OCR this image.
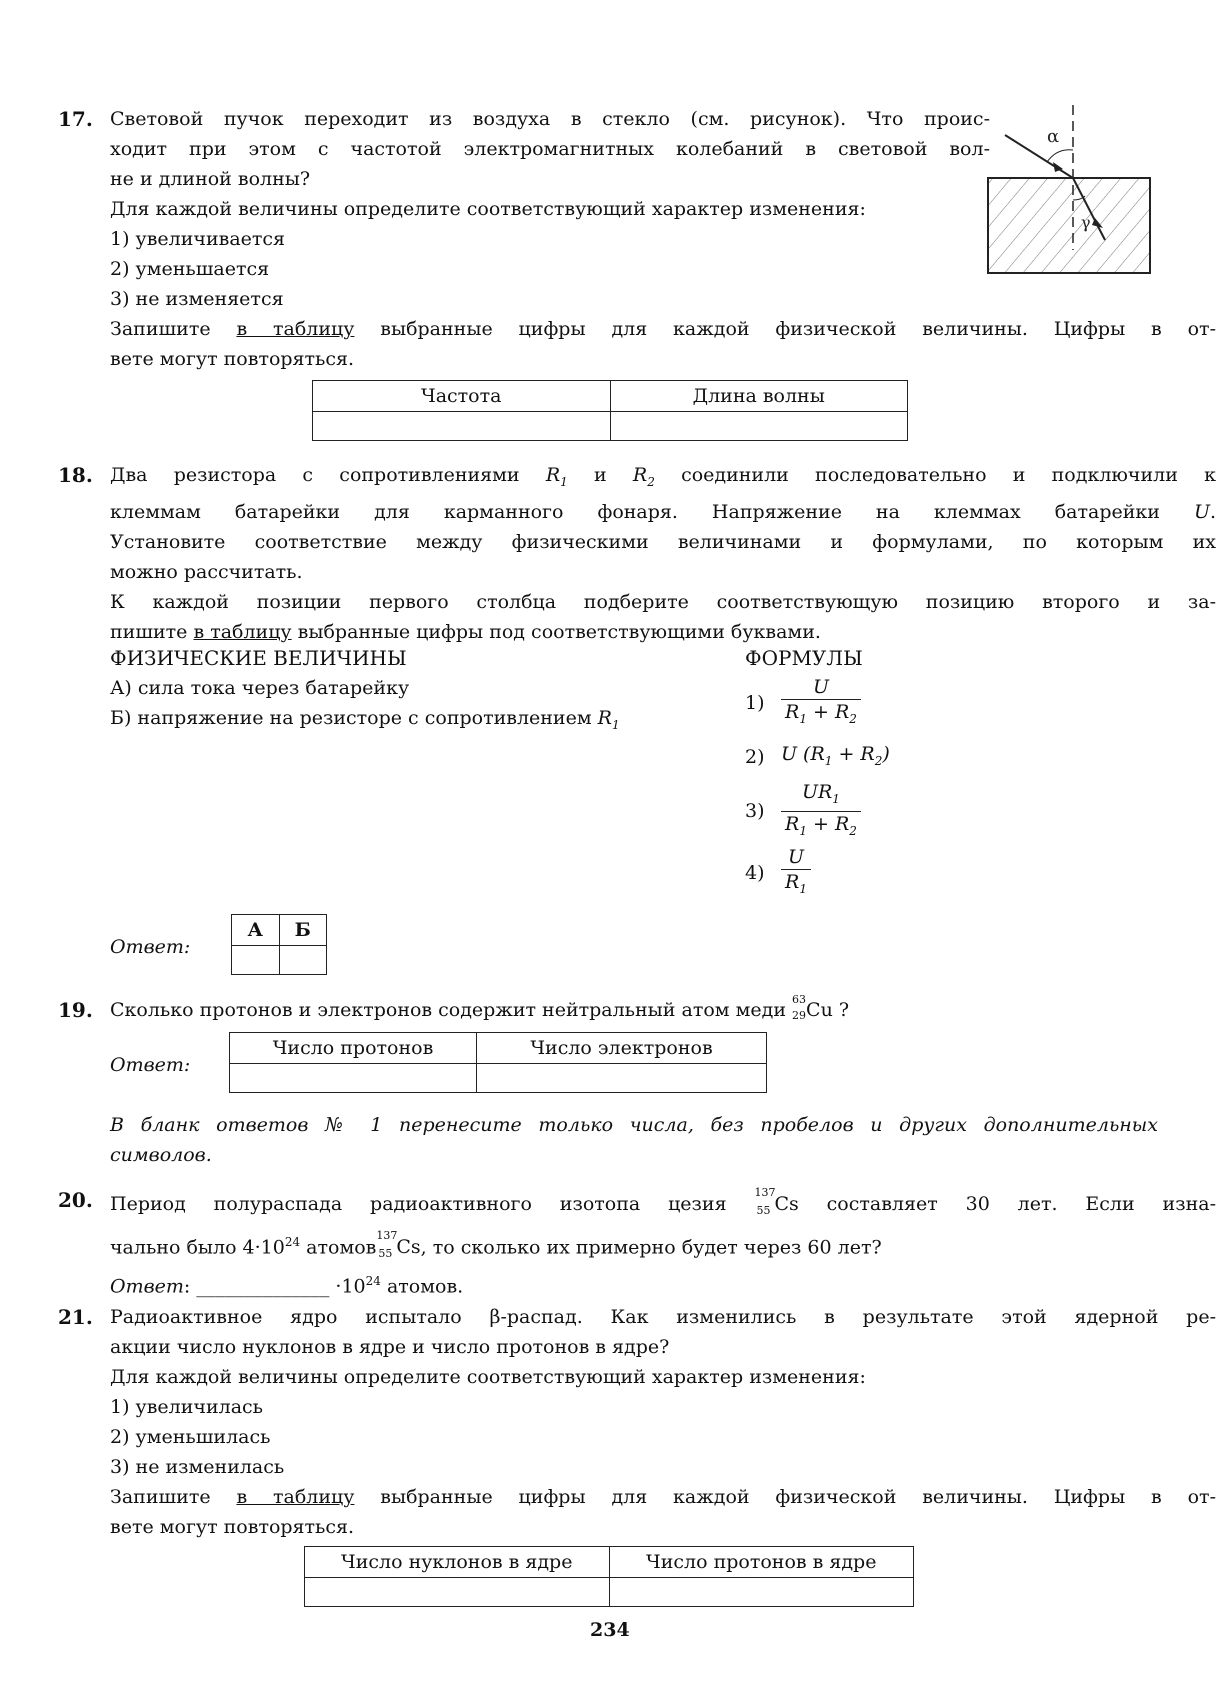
17. Световой пучок переходит из воздуха в стекло (см. рисунок). Что проис-

ходит при этом с частотой электромагнитных колебаний в световой вол-

не и длиной волны?

Для каждой величины определите соответствующий характер изменения:

1) увеличивается

2) уменьшается

3) не изменяется

Запишите в таблицу выбранные цифры для каждой физической величины. Цифры в от-

вете могут повторяться.

α
γ
Частота	Длина волны

18. Два резистора с сопротивлениями $R_1$ и $R_2$ соединили последовательно и подключили к

клеммам батарейки для карманного фонаря. Напряжение на клеммах батарейки U.

Установите соответствие между физическими величинами и формулами, по которым их

можно рассчитать.

К каждой позиции первого столбца подберите соответствующую позицию второго и за-

пишите в таблицу выбранные цифры под соответствующими буквами.

ФИЗИЧЕСКИЕ ВЕЛИЧИНЫ	ФОРМУЛЫ
А) сила тока через батарейку
Б) напряжение на резисторе с сопротивлением $R_1$
$1) \frac{U}{R_1 + R_2}$
2) U $(R_1 + R_2)$
$3) \frac{UR_1}{R_1 + R_2}$
$4) \frac{U}{R_1}$
Ответ:
А	Б

19. Сколько протонов и электронов содержит нейтральный атом меди 63
29 Cu ?

Ответ:
Число протонов	Число электронов

В бланк ответов № 1 перенесите только числа, без пробелов и других дополнительных

символов.

20. Период полураспада радиоактивного изотопа цезия
137
55 Cs составляет 30 лет. Если изна-

чально было $4\cdot 10^{24}$ атомов
137
55 Cs, то сколько их примерно будет через 60 лет?

Ответ: ______________ $\cdot 10^{24}$ атомов.

21. Радиоактивное ядро испытало β-распад. Как изменились в результате этой ядерной ре-

акции число нуклонов в ядре и число протонов в ядре?

Для каждой величины определите соответствующий характер изменения:

1) увеличилась

2) уменьшилась

3) не изменилась

Запишите в таблицу выбранные цифры для каждой физической величины. Цифры в от-

вете могут повторяться.

Число нуклонов в ядре	Число протонов в ядре

234
